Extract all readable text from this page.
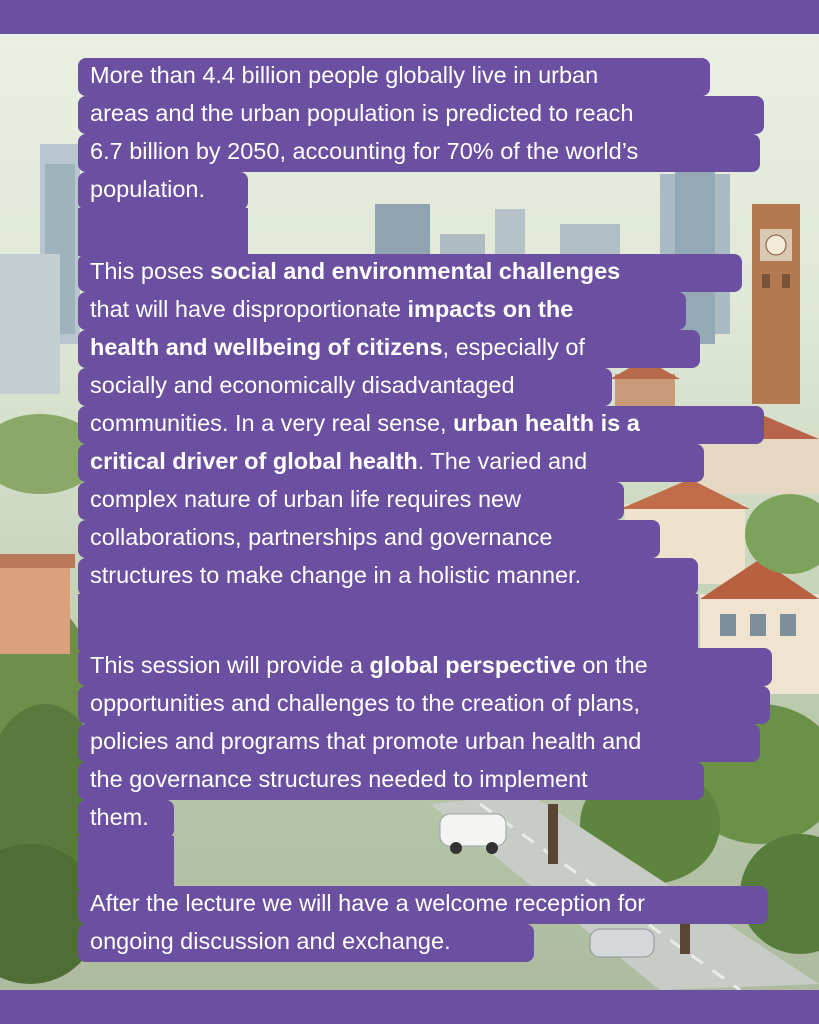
More than 4.4 billion people globally live in urban
areas and the urban population is predicted to reach
6.7 billion by 2050, accounting for 70% of the world’s
population.
This poses social and environmental challenges
that will have disproportionate impacts on the
health and wellbeing of citizens, especially of
socially and economically disadvantaged
communities. In a very real sense, urban health is a
critical driver of global health. The varied and
complex nature of urban life requires new
collaborations, partnerships and governance
structures to make change in a holistic manner.
This session will provide a global perspective on the
opportunities and challenges to the creation of plans,
policies and programs that promote urban health and
the governance structures needed to implement
them.
After the lecture we will have a welcome reception for
ongoing discussion and exchange.
